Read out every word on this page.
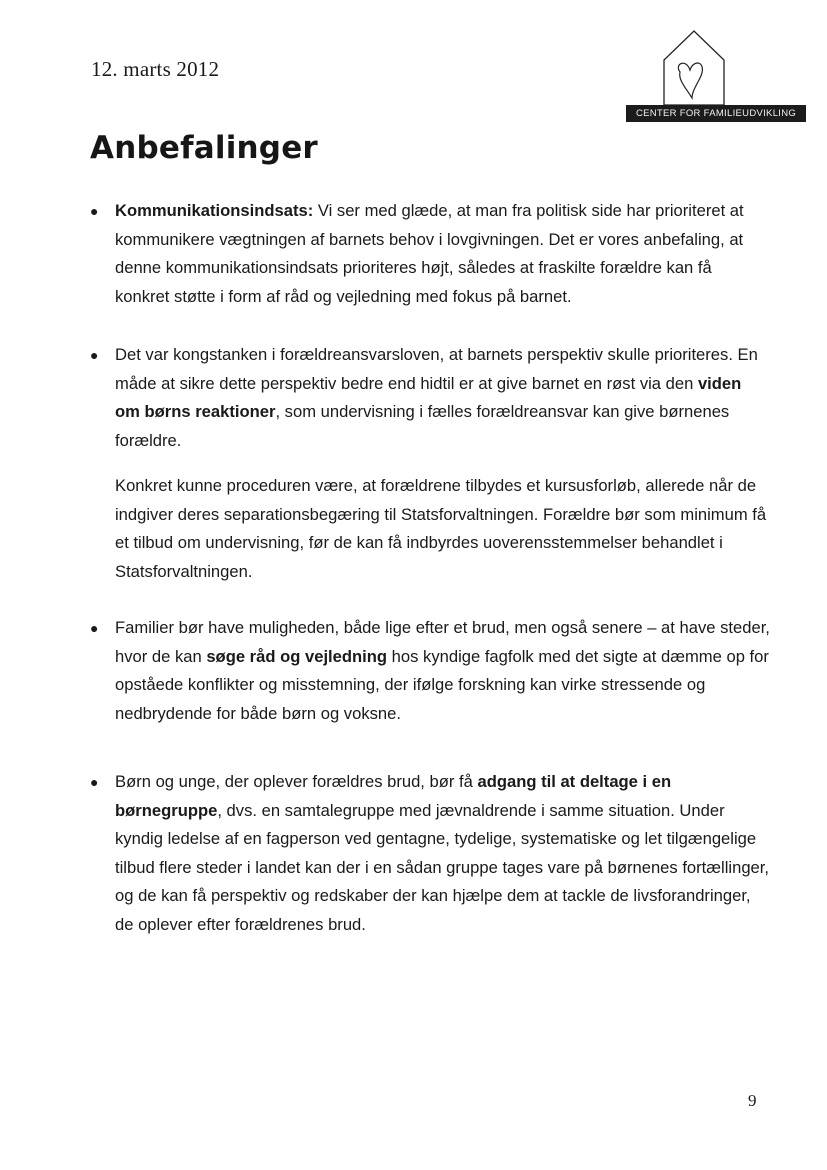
12. marts 2012
CENTER FOR FAMILIEUDVIKLING
Anbefalinger
● Kommunikationsindsats: Vi ser med glæde, at man fra politisk side har prioriteret at kommunikere vægtningen af barnets behov i lovgivningen. Det er vores anbefaling, at denne kommunikationsindsats prioriteres højt, således at fraskilte forældre kan få konkret støtte i form af råd og vejledning med fokus på barnet.

● Det var kongstanken i forældreansvarsloven, at barnets perspektiv skulle prioriteres. En måde at sikre dette perspektiv bedre end hidtil er at give barnet en røst via den viden om børns reaktioner, som undervisning i fælles forældreansvar kan give børnenes forældre.

Konkret kunne proceduren være, at forældrene tilbydes et kursusforløb, allerede når de indgiver deres separationsbegæring til Statsforvaltningen. Forældre bør som minimum få et tilbud om undervisning, før de kan få indbyrdes uoverensstemmelser behandlet i Statsforvaltningen.

● Familier bør have muligheden, både lige efter et brud, men også senere – at have steder, hvor de kan søge råd og vejledning hos kyndige fagfolk med det sigte at dæmme op for opståede konflikter og misstemning, der ifølge forskning kan virke stressende og nedbrydende for både børn og voksne.

● Børn og unge, der oplever forældres brud, bør få adgang til at deltage i en børnegruppe, dvs. en samtalegruppe med jævnaldrende i samme situation. Under kyndig ledelse af en fagperson ved gentagne, tydelige, systematiske og let tilgængelige tilbud flere steder i landet kan der i en sådan gruppe tages vare på børnenes fortællinger, og de kan få perspektiv og redskaber der kan hjælpe dem at tackle de livsforandringer, de oplever efter forældrenes brud.

9
